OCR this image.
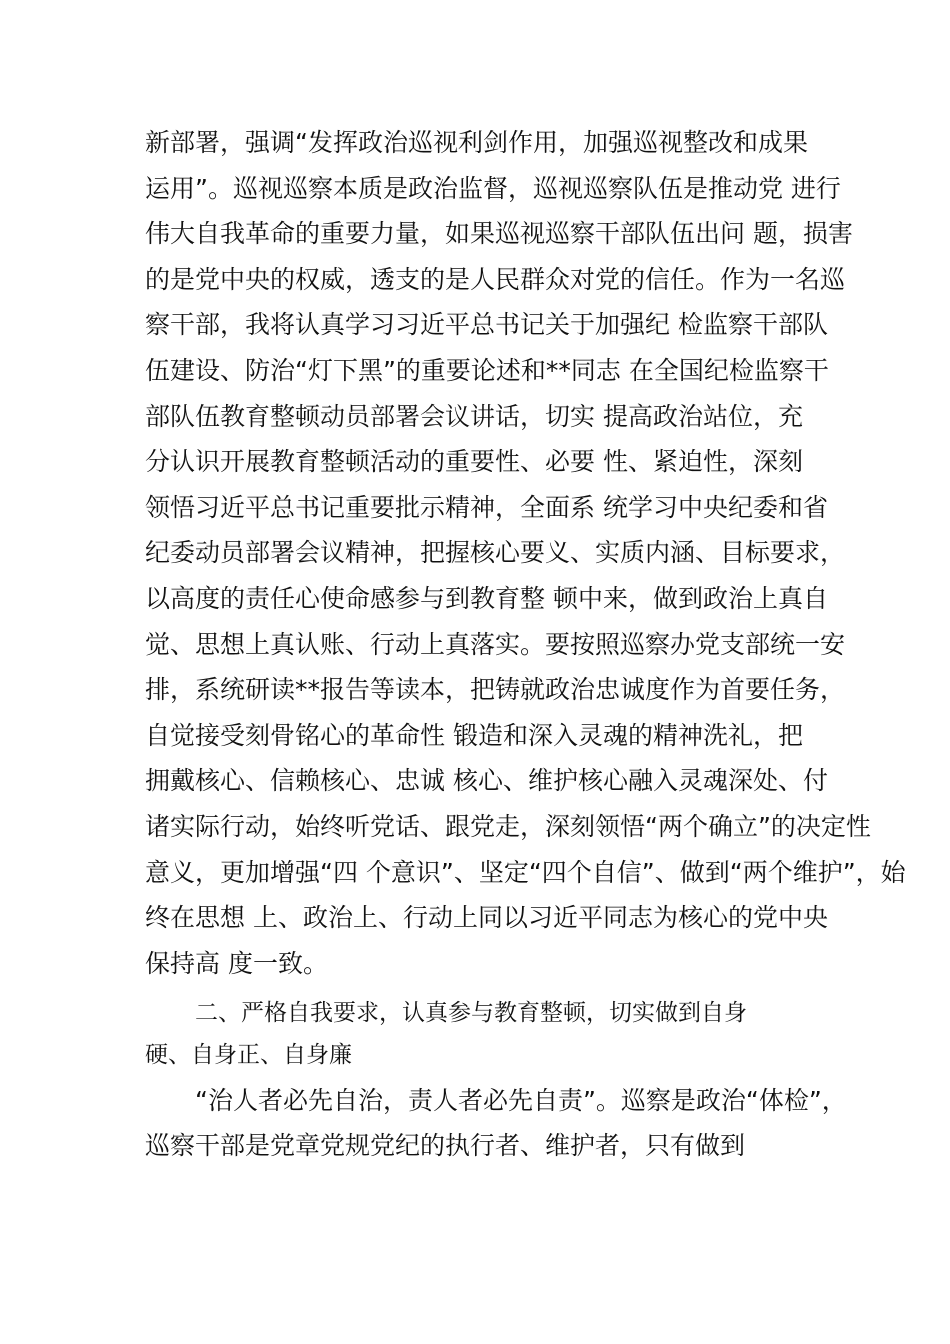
新部署，强调“发挥政治巡视利剑作用，加强巡视整改和成果
运用”。巡视巡察本质是政治监督，巡视巡察队伍是推动党 进行
伟大自我革命的重要力量，如果巡视巡察干部队伍出问 题，损害
的是党中央的权威，透支的是人民群众对党的信任。作为一名巡
察干部，我将认真学习习近平总书记关于加强纪 检监察干部队
伍建设、防治“灯下黑”的重要论述和**同志 在全国纪检监察干
部队伍教育整顿动员部署会议讲话，切实 提高政治站位，充
分认识开展教育整顿活动的重要性、必要 性、紧迫性，深刻
领悟习近平总书记重要批示精神，全面系 统学习中央纪委和省
纪委动员部署会议精神，把握核心要义、实质内涵、目标要求，
以高度的责任心使命感参与到教育整 顿中来，做到政治上真自
觉、思想上真认账、行动上真落实。要按照巡察办党支部统一安
排，系统研读**报告等读本，把铸就政治忠诚度作为首要任务，
自觉接受刻骨铭心的革命性 锻造和深入灵魂的精神洗礼，把
拥戴核心、信赖核心、忠诚 核心、维护核心融入灵魂深处、付
诸实际行动，始终听党话、跟党走，深刻领悟“两个确立”的决定性
意义，更加增强“四 个意识”、坚定“四个自信”、做到“两个维护”，始
终在思想 上、政治上、行动上同以习近平同志为核心的党中央
保持高 度一致。
二、严格自我要求，认真参与教育整顿，切实做到自身
硬、自身正、自身廉
“治人者必先自治，责人者必先自责”。巡察是政治“体检”，
巡察干部是党章党规党纪的执行者、维护者，只有做到
